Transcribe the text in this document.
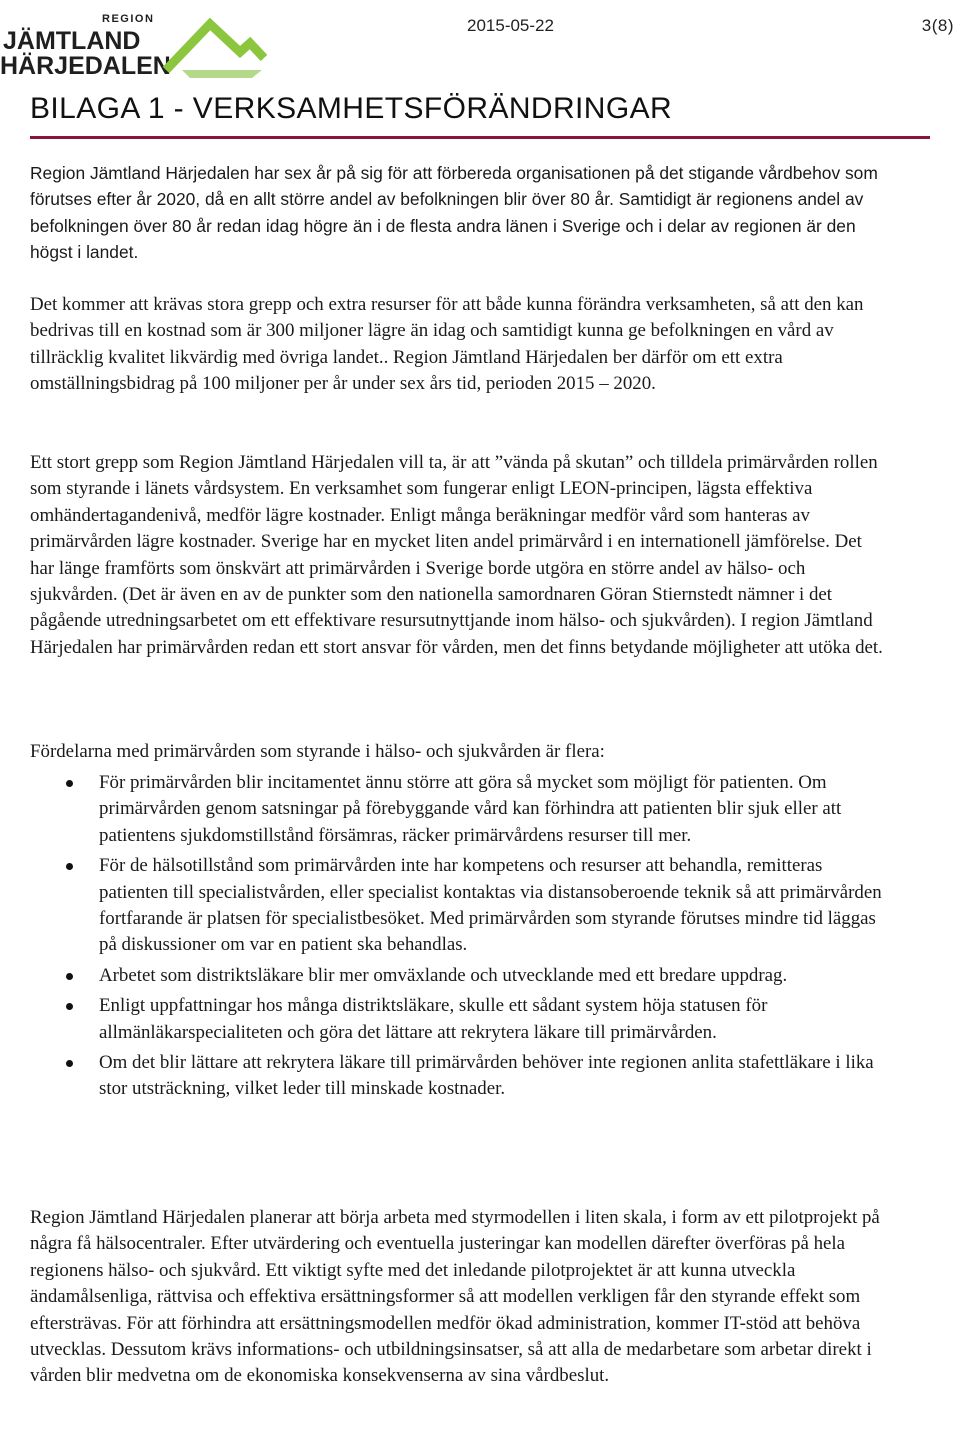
REGION
JÄMTLAND
HÄRJEDALEN
2015-05-22	3(8)
BILAGA 1 - VERKSAMHETSFÖRÄNDRINGAR

Region Jämtland Härjedalen har sex år på sig för att förbereda organisationen på det stigande vårdbehov som förutses efter år 2020, då en allt större andel av befolkningen blir över 80 år. Samtidigt är regionens andel av befolkningen över 80 år redan idag högre än i de flesta andra länen i Sverige och i delar av regionen är den högst i landet.

Det kommer att krävas stora grepp och extra resurser för att både kunna förändra verksamheten, så att den kan bedrivas till en kostnad som är 300 miljoner lägre än idag och samtidigt kunna ge befolkningen en vård av tillräcklig kvalitet likvärdig med övriga landet.. Region Jämtland Härjedalen ber därför om ett extra omställningsbidrag på 100 miljoner per år under sex års tid, perioden 2015 – 2020.

Ett stort grepp som Region Jämtland Härjedalen vill ta, är att ”vända på skutan” och tilldela primärvården rollen som styrande i länets vårdsystem. En verksamhet som fungerar enligt LEON-principen, lägsta effektiva omhändertagandenivå, medför lägre kostnader. Enligt många beräkningar medför vård som hanteras av primärvården lägre kostnader. Sverige har en mycket liten andel primärvård i en internationell jämförelse. Det har länge framförts som önskvärt att primärvården i Sverige borde utgöra en större andel av hälso- och sjukvården. (Det är även en av de punkter som den nationella samordnaren Göran Stiernstedt nämner i det pågående utredningsarbetet om ett effektivare resursutnyttjande inom hälso- och sjukvården). I region Jämtland Härjedalen har primärvården redan ett stort ansvar för vården, men det finns betydande möjligheter att utöka det.

Fördelarna med primärvården som styrande i hälso- och sjukvården är flera:

För primärvården blir incitamentet ännu större att göra så mycket som möjligt för patienten. Om primärvården genom satsningar på förebyggande vård kan förhindra att patienten blir sjuk eller att patientens sjukdomstillstånd försämras, räcker primärvårdens resurser till mer.
För de hälsotillstånd som primärvården inte har kompetens och resurser att behandla, remitteras patienten till specialistvården, eller specialist kontaktas via distansoberoende teknik så att primärvården fortfarande är platsen för specialistbesöket. Med primärvården som styrande förutses mindre tid läggas på diskussioner om var en patient ska behandlas.
Arbetet som distriktsläkare blir mer omväxlande och utvecklande med ett bredare uppdrag.
Enligt uppfattningar hos många distriktsläkare, skulle ett sådant system höja statusen för allmänläkarspecialiteten och göra det lättare att rekrytera läkare till primärvården.
Om det blir lättare att rekrytera läkare till primärvården behöver inte regionen anlita stafettläkare i lika stor utsträckning, vilket leder till minskade kostnader.

Region Jämtland Härjedalen planerar att börja arbeta med styrmodellen i liten skala, i form av ett pilotprojekt på några få hälsocentraler. Efter utvärdering och eventuella justeringar kan modellen därefter överföras på hela regionens hälso- och sjukvård. Ett viktigt syfte med det inledande pilotprojektet är att kunna utveckla ändamålsenliga, rättvisa och effektiva ersättningsformer så att modellen verkligen får den styrande effekt som eftersträvas. För att förhindra att ersättningsmodellen medför ökad administration, kommer IT-stöd att behöva utvecklas. Dessutom krävs informations- och utbildningsinsatser, så att alla de medarbetare som arbetar direkt i vården blir medvetna om de ekonomiska konsekvenserna av sina vårdbeslut.
